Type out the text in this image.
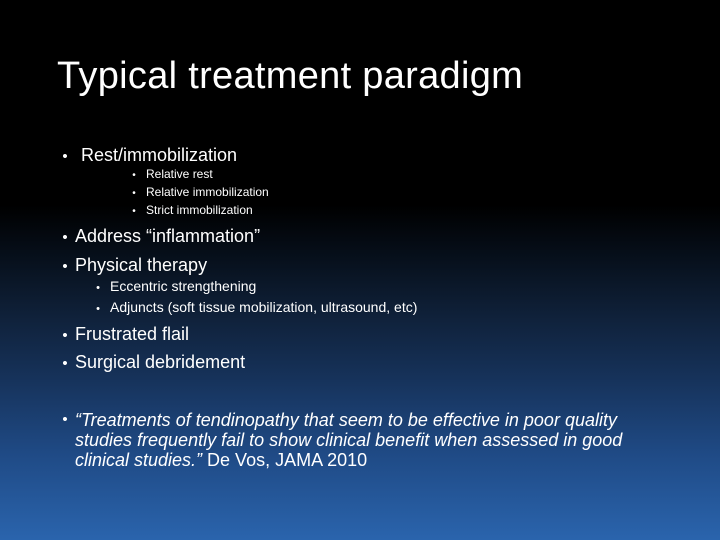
Typical treatment paradigm
• Rest/immobilization
• Relative rest
• Relative immobilization
• Strict immobilization
• Address “inflammation”
• Physical therapy
• Eccentric strengthening
• Adjuncts (soft tissue mobilization, ultrasound, etc)
• Frustrated flail
• Surgical debridement
• “Treatments of tendinopathy that seem to be effective in poor quality studies frequently fail to show clinical benefit when assessed in good clinical studies.” De Vos, JAMA 2010
